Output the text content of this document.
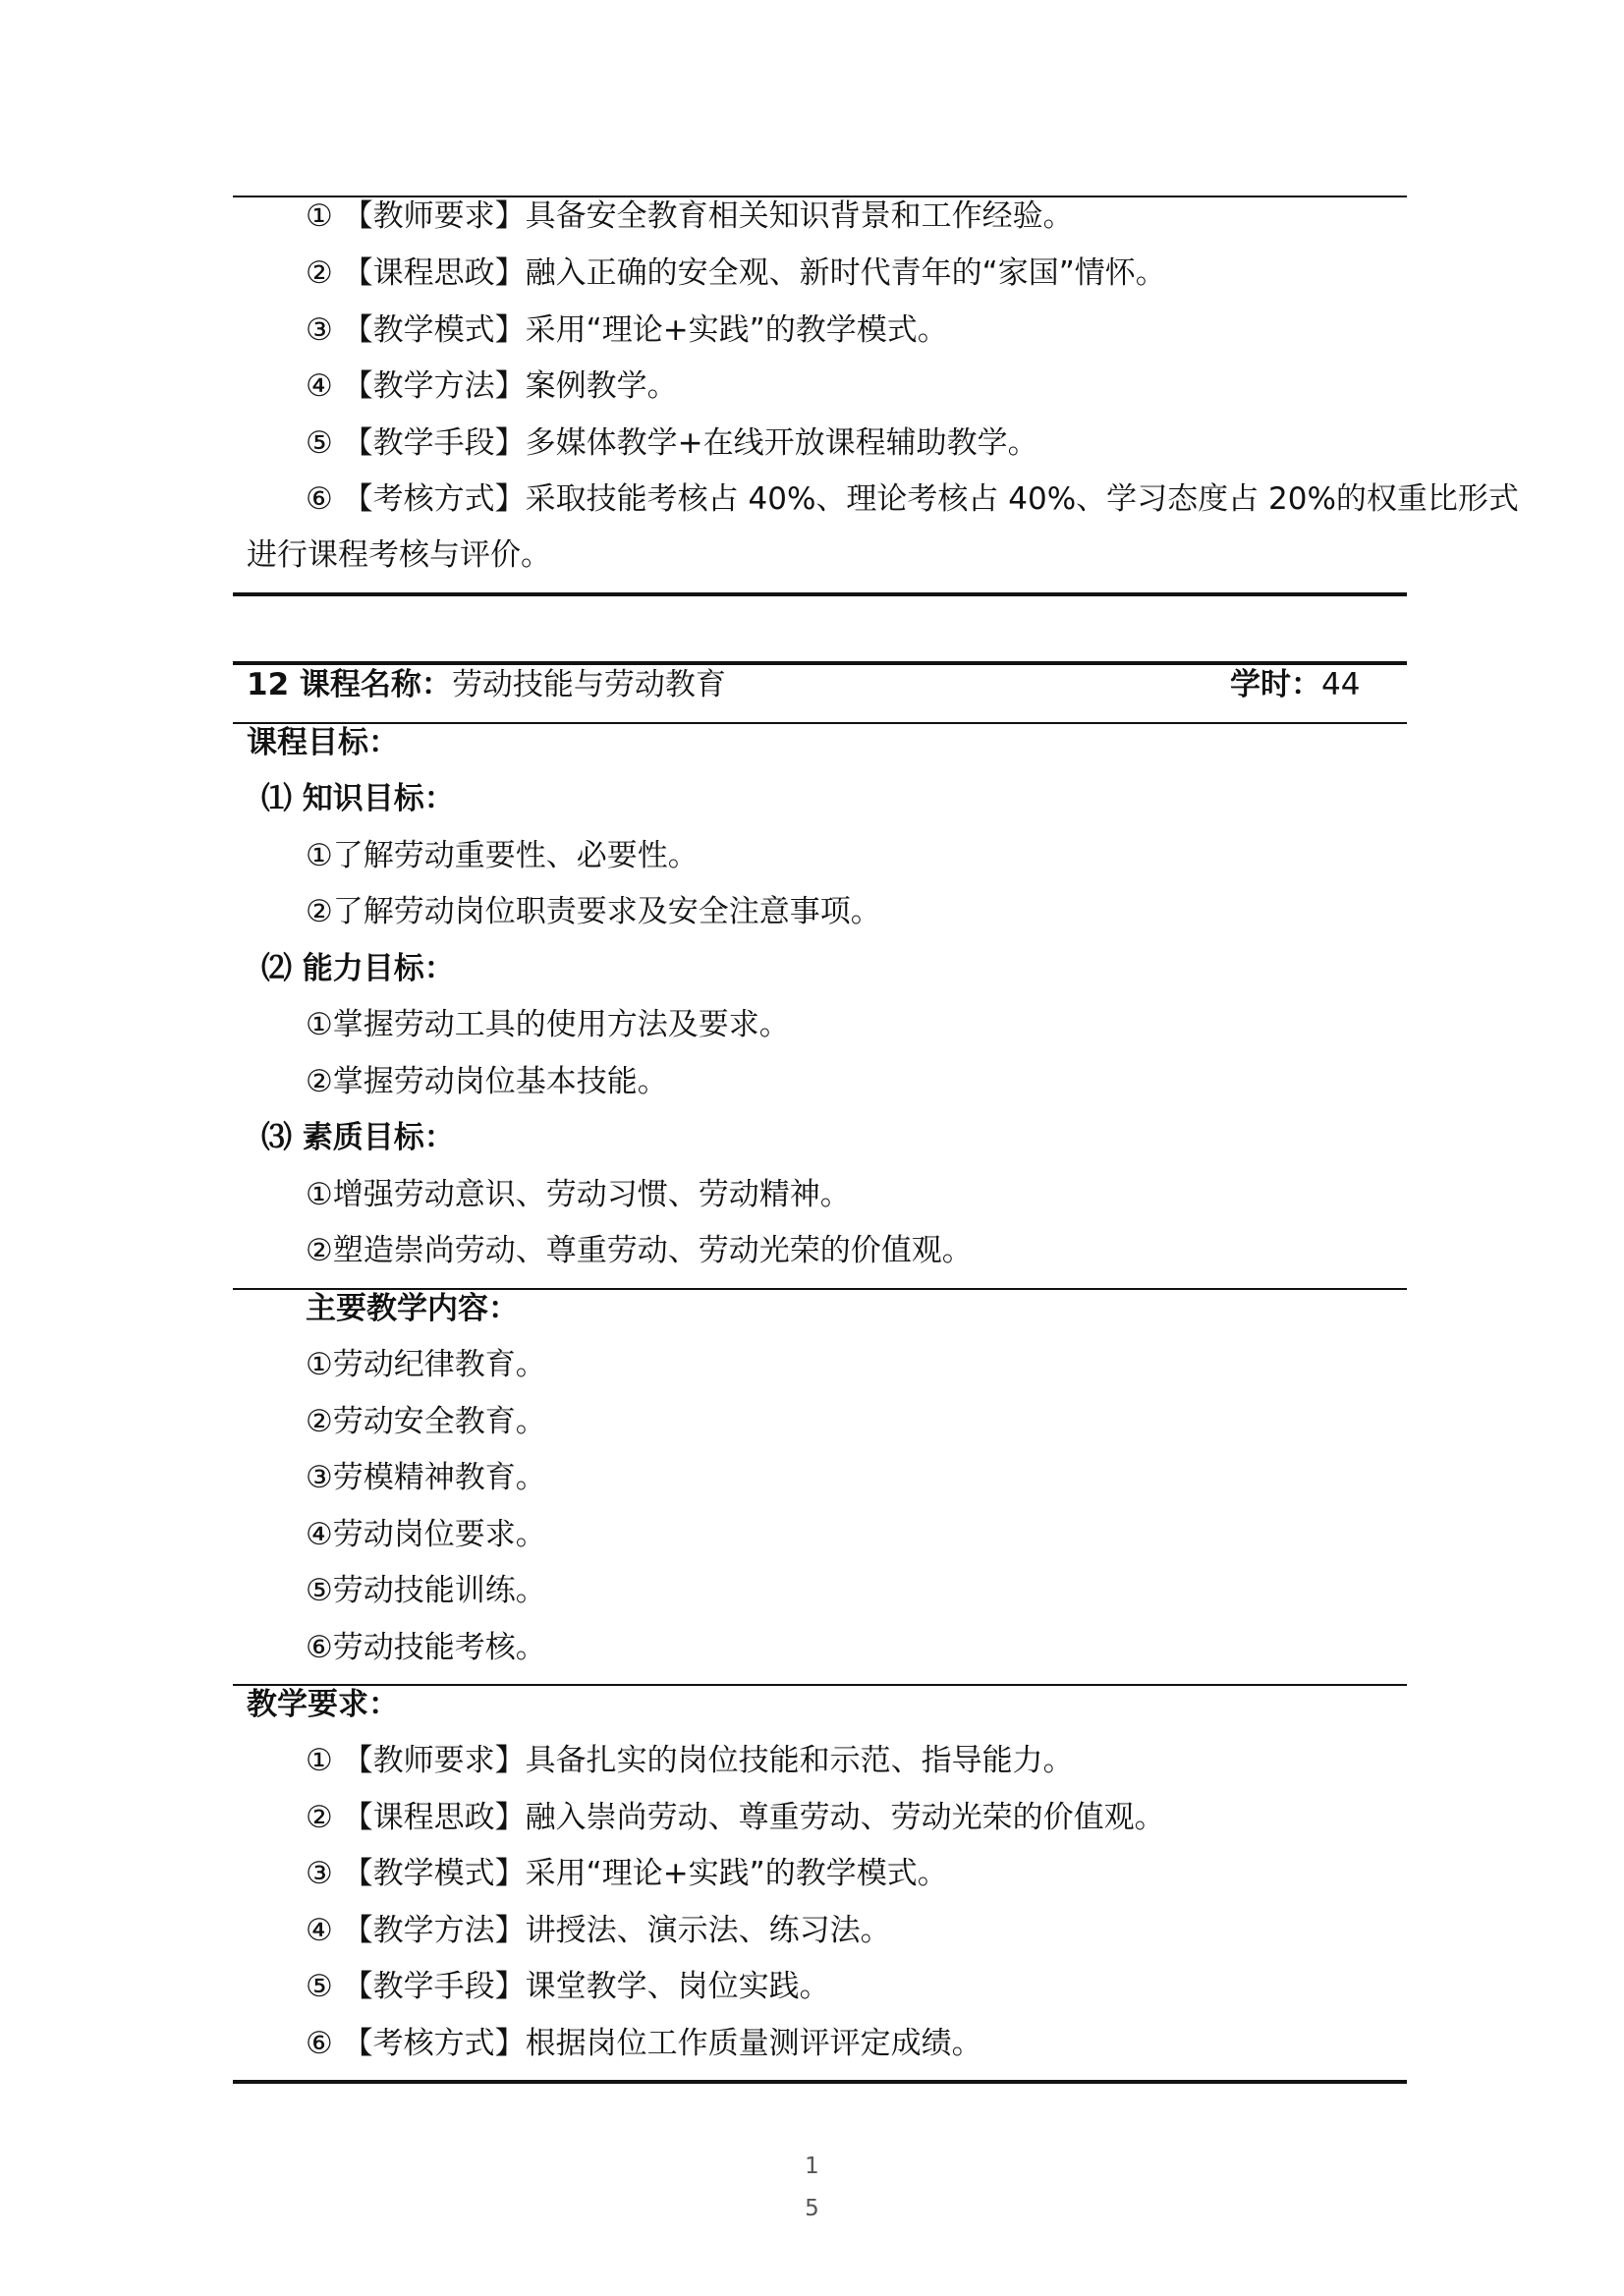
① 【教师要求】具备安全教育相关知识背景和工作经验。
② 【课程思政】融入正确的安全观、新时代青年的“家国”情怀。
③ 【教学模式】采用“理论+实践”的教学模式。
④ 【教学方法】案例教学。
⑤ 【教学手段】多媒体教学+在线开放课程辅助教学。
⑥ 【考核方式】采取技能考核占 40%、理论考核占 40%、学习态度占 20%的权重比形式
进行课程考核与评价。
12 课程名称：劳动技能与劳动教育	学时：44
课程目标：
⑴ 知识目标：
①了解劳动重要性、必要性。
②了解劳动岗位职责要求及安全注意事项。
⑵ 能力目标：
①掌握劳动工具的使用方法及要求。
②掌握劳动岗位基本技能。
⑶ 素质目标：
①增强劳动意识、劳动习惯、劳动精神。
②塑造崇尚劳动、尊重劳动、劳动光荣的价值观。
主要教学内容：
①劳动纪律教育。
②劳动安全教育。
③劳模精神教育。
④劳动岗位要求。
⑤劳动技能训练。
⑥劳动技能考核。
教学要求：
① 【教师要求】具备扎实的岗位技能和示范、指导能力。
② 【课程思政】融入崇尚劳动、尊重劳动、劳动光荣的价值观。
③ 【教学模式】采用“理论+实践”的教学模式。
④ 【教学方法】讲授法、演示法、练习法。
⑤ 【教学手段】课堂教学、岗位实践。
⑥ 【考核方式】根据岗位工作质量测评评定成绩。
1
5
